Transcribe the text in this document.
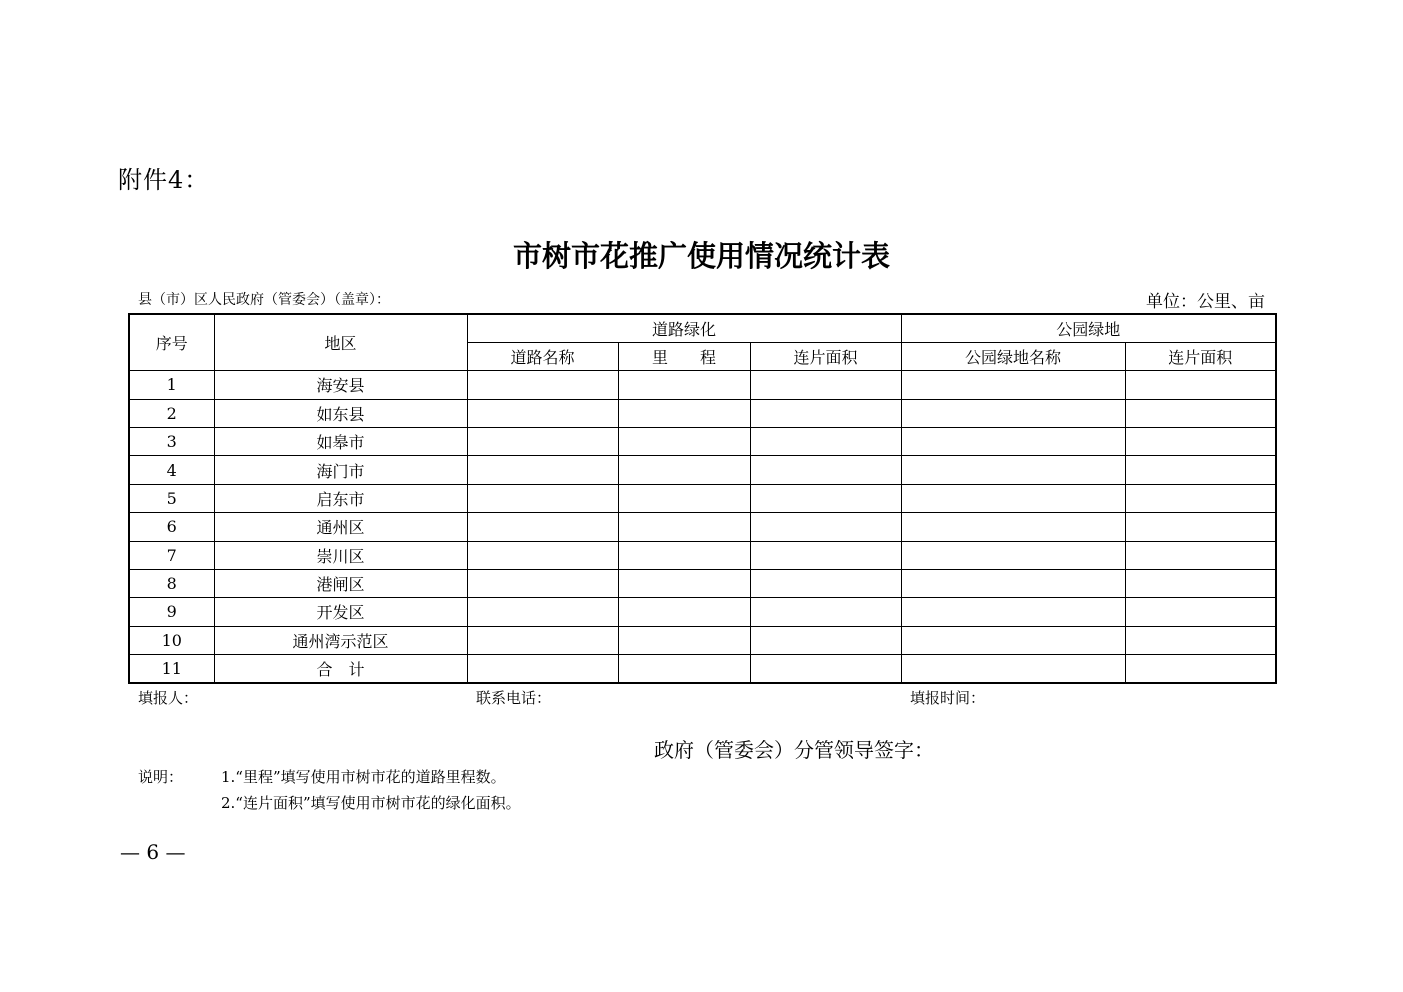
附件4：
市树市花推广使用情况统计表
县（市）区人民政府（管委会）（盖章）：	单位：公里、亩
序号	地区	道路绿化			公园绿地	
		道路名称	里　　程	连片面积	公园绿地名称	连片面积
1	海安县					
2	如东县					
3	如皋市					
4	海门市					
5	启东市					
6	通州区					
7	崇川区					
8	港闸区					
9	开发区					
10	通州湾示范区					
11	合　计					
填报人：	联系电话：	填报时间：
政府（管委会）分管领导签字：
说明：	1.“里程”填写使用市树市花的道路里程数。
2.“连片面积”填写使用市树市花的绿化面积。
— 6 —
